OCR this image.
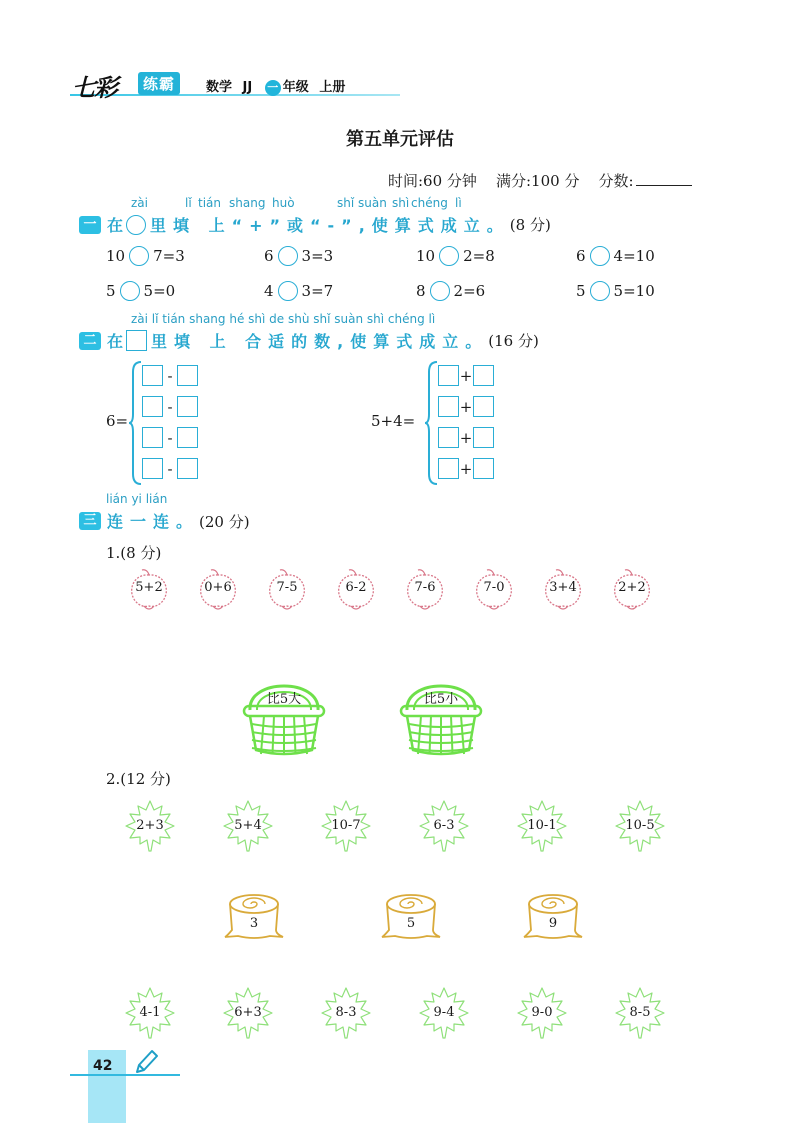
七彩	练霸	数学 JJ 一 年级 上册
第五单元评估
时间:60 分钟 满分:100 分 分数:
zài	lǐ tián shang huò	shǐ suàn shì chéng lì
一 在 里填 上“+”或“-”,使算式成立。 (8 分)
10 7=3	6 3=3	10 2=8	6 4=10
5 5=0	4 3=7	8 2=6	5 5=10
zài lǐ tián shang hé shì de shù shǐ suàn shì chéng lì
二 在 里填 上 合适的数,使算式成立。 (16 分)
6=
-
-
-
-
5+4=
+
+
+
+
lián yi lián
三 连一连。(20 分)
1.(8 分)
5+2	0+6	7-5	6-2	7-6	7-0	3+4	2+2
比5大	比5小
2.(12 分)
2+3	5+4	10-7	6-3	10-1	10-5
3	5	9
4-1	6+3	8-3	9-4	9-0	8-5
42
